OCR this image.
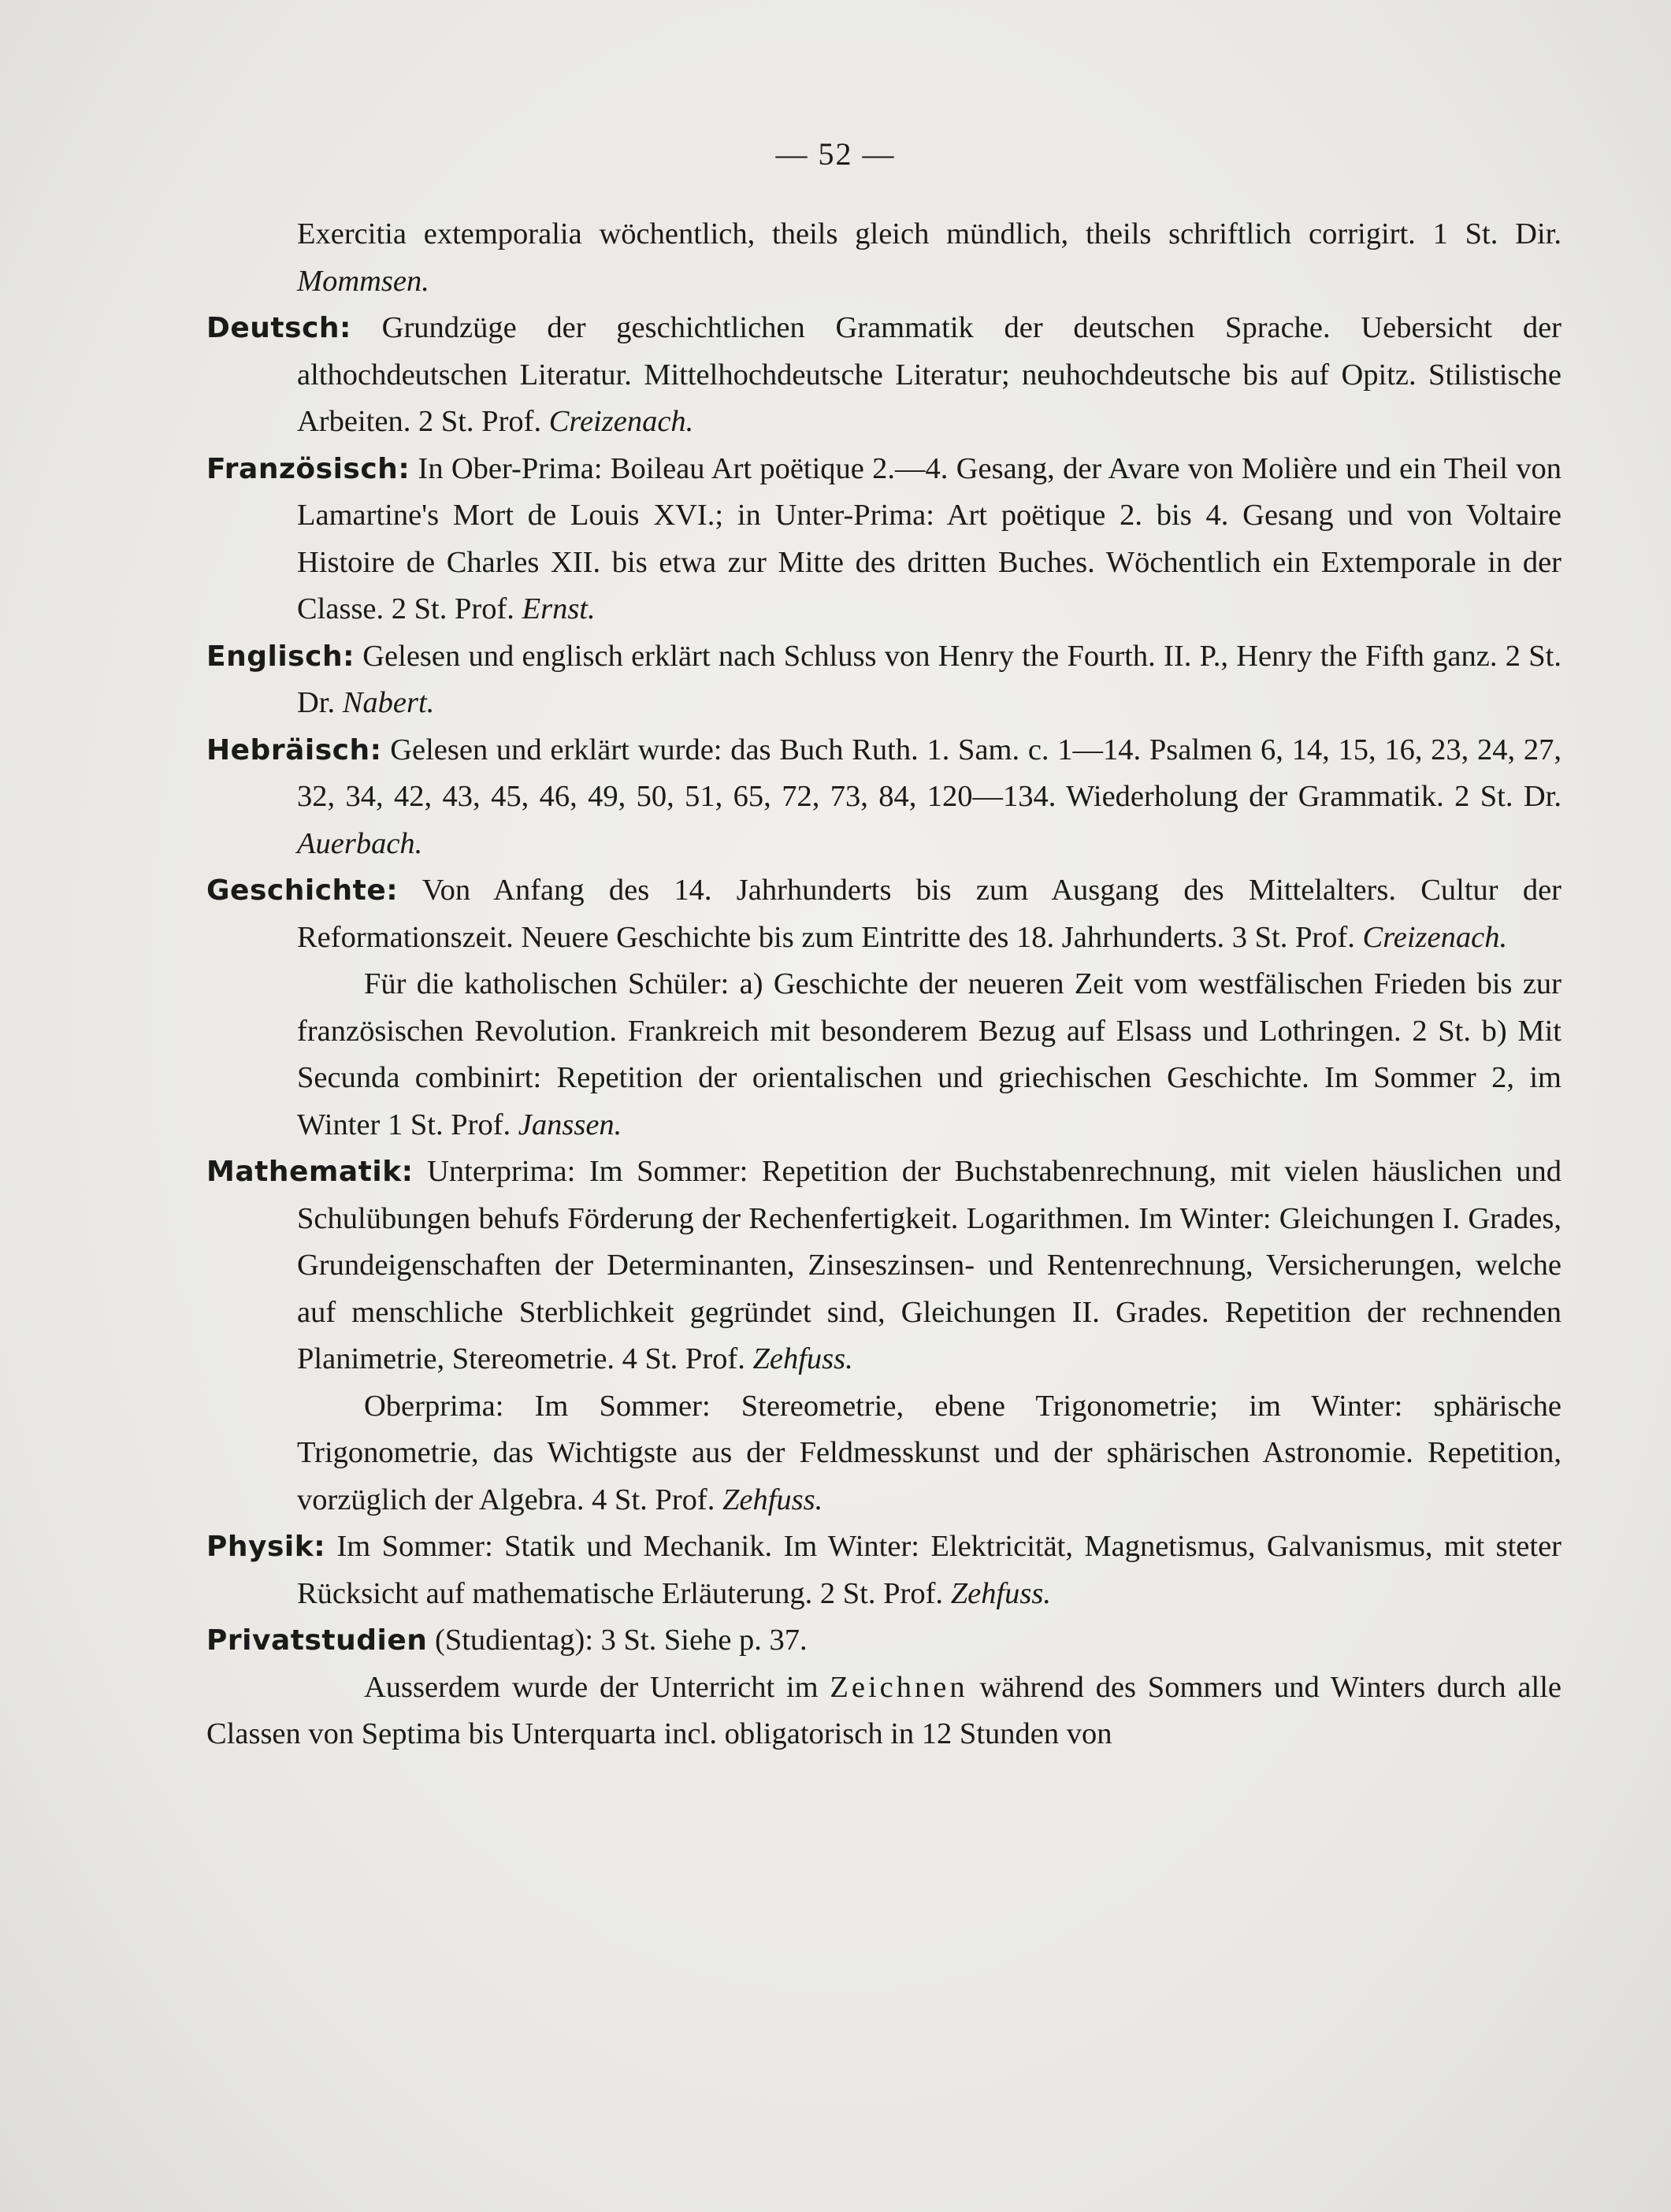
— 52 —

Exercitia extemporalia wöchentlich, theils gleich mündlich, theils schriftlich corrigirt. 1 St. Dir. Mommsen.

Deutsch: Grundzüge der geschichtlichen Grammatik der deutschen Sprache. Uebersicht der althochdeutschen Literatur. Mittelhochdeutsche Literatur; neuhochdeutsche bis auf Opitz. Stilistische Arbeiten. 2 St. Prof. Creizenach.

Französisch: In Ober-Prima: Boileau Art poëtique 2.—4. Gesang, der Avare von Molière und ein Theil von Lamartine's Mort de Louis XVI.; in Unter-Prima: Art poëtique 2. bis 4. Gesang und von Voltaire Histoire de Charles XII. bis etwa zur Mitte des dritten Buches. Wöchentlich ein Extemporale in der Classe. 2 St. Prof. Ernst.

Englisch: Gelesen und englisch erklärt nach Schluss von Henry the Fourth. II. P., Henry the Fifth ganz. 2 St. Dr. Nabert.

Hebräisch: Gelesen und erklärt wurde: das Buch Ruth. 1. Sam. c. 1—14. Psalmen 6, 14, 15, 16, 23, 24, 27, 32, 34, 42, 43, 45, 46, 49, 50, 51, 65, 72, 73, 84, 120—134. Wiederholung der Grammatik. 2 St. Dr. Auerbach.

Geschichte: Von Anfang des 14. Jahrhunderts bis zum Ausgang des Mittelalters. Cultur der Reformationszeit. Neuere Geschichte bis zum Eintritte des 18. Jahrhunderts. 3 St. Prof. Creizenach.

Für die katholischen Schüler: a) Geschichte der neueren Zeit vom westfälischen Frieden bis zur französischen Revolution. Frankreich mit besonderem Bezug auf Elsass und Lothringen. 2 St. b) Mit Secunda combinirt: Repetition der orientalischen und griechischen Geschichte. Im Sommer 2, im Winter 1 St. Prof. Janssen.

Mathematik: Unterprima: Im Sommer: Repetition der Buchstabenrechnung, mit vielen häuslichen und Schulübungen behufs Förderung der Rechenfertigkeit. Logarithmen. Im Winter: Gleichungen I. Grades, Grundeigenschaften der Determinanten, Zinseszinsen- und Rentenrechnung, Versicherungen, welche auf menschliche Sterblichkeit gegründet sind, Gleichungen II. Grades. Repetition der rechnenden Planimetrie, Stereometrie. 4 St. Prof. Zehfuss.

Oberprima: Im Sommer: Stereometrie, ebene Trigonometrie; im Winter: sphärische Trigonometrie, das Wichtigste aus der Feldmesskunst und der sphärischen Astronomie. Repetition, vorzüglich der Algebra. 4 St. Prof. Zehfuss.

Physik: Im Sommer: Statik und Mechanik. Im Winter: Elektricität, Magnetismus, Galvanismus, mit steter Rücksicht auf mathematische Erläuterung. 2 St. Prof. Zehfuss.

Privatstudien (Studientag): 3 St. Siehe p. 37.

Ausserdem wurde der Unterricht im Zeichnen während des Sommers und Winters durch alle Classen von Septima bis Unterquarta incl. obligatorisch in 12 Stunden von
